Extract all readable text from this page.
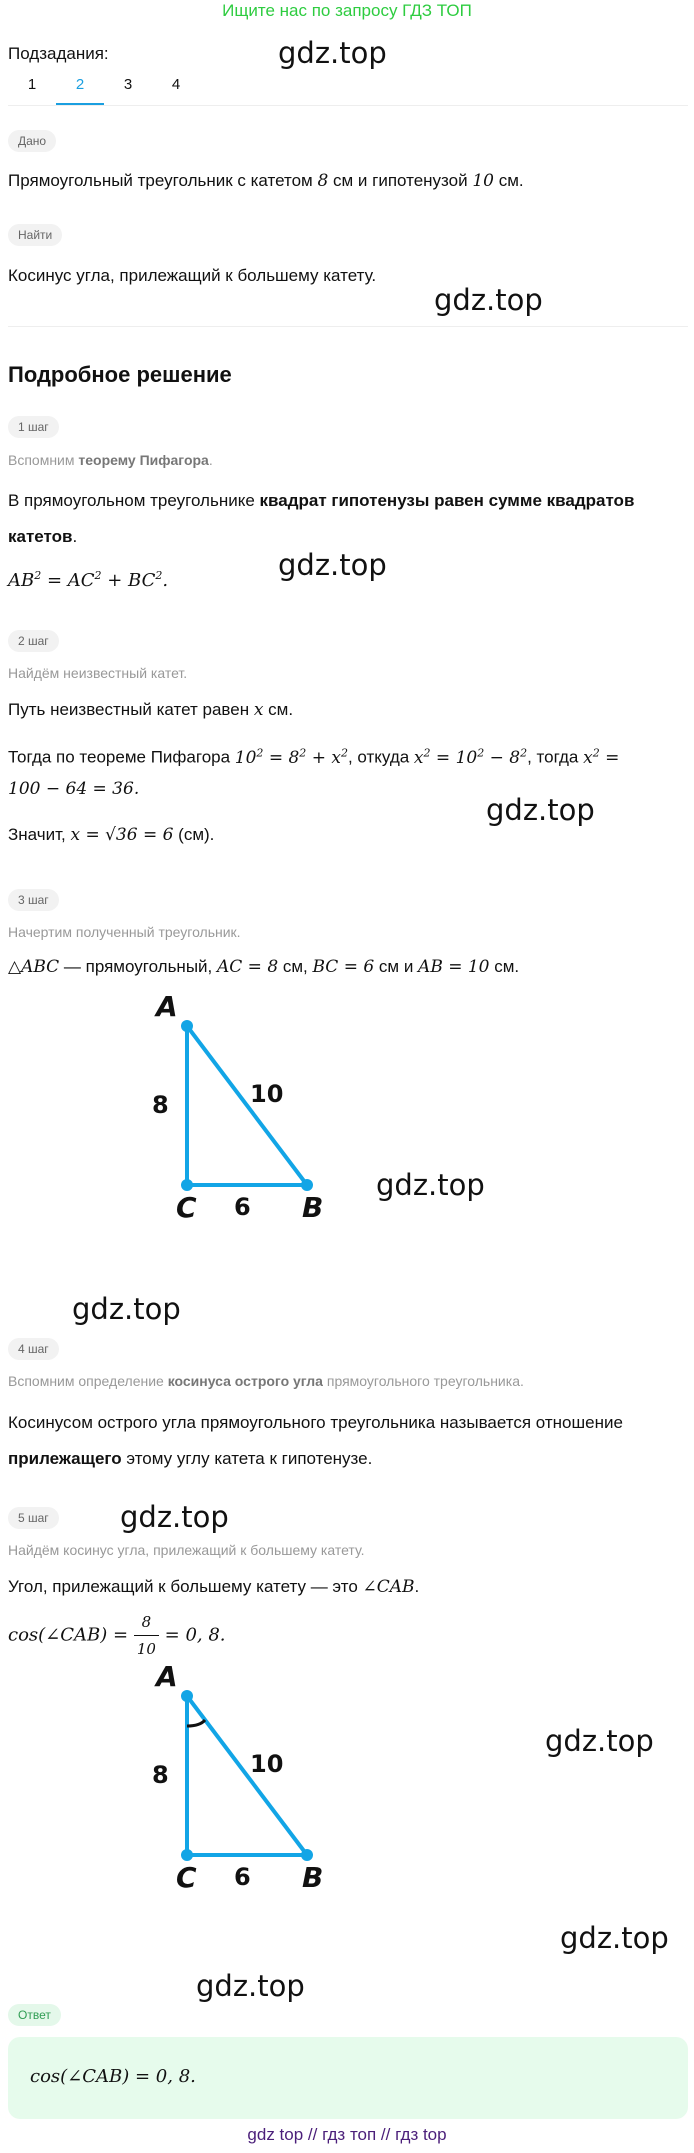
Ищите нас по запросу ГДЗ ТОП
Подзадания:
1	2	3	4
gdz.top
Дано
Прямоугольный треугольник с катетом 8 см и гипотенузой 10 см.
Найти
Косинус угла, прилежащий к большему катету.
gdz.top
Подробное решение
1 шаг
Вспомним теорему Пифагора.
В прямоугольном треугольнике квадрат гипотенузы равен сумме квадратов
катетов.
$AB^2 = AC^2 + BC^2$.	gdz.top
2 шаг
Найдём неизвестный катет.
Путь неизвестный катет равен x см.
Тогда по теореме Пифагора $10^2 = 8^2 + x^2$, откуда $x^2 = 10^2 - 8^2$, тогда $x^2$ =
100 − 64 = 36.
Значит, x = √36 = 6 (см).
gdz.top
3 шаг
Начертим полученный треугольник.
△ABC — прямоугольный, AC = 8 см, BC = 6 см и AB = 10 см.
A
C	B
8
6
10
gdz.top
gdz.top
4 шаг
Вспомним определение косинуса острого угла прямоугольного треугольника.
Косинусом острого угла прямоугольного треугольника называется отношение
прилежащего этому углу катета к гипотенузе.
5 шаг	gdz.top
Найдём косинус угла, прилежащий к большему катету.
Угол, прилежащий к большему катету — это ∠CAB.
cos(∠CAB) = $\frac{8}{10} = 0$, 8.
A
C	B
8
6
10
gdz.top
gdz.top
gdz.top
Ответ
cos(∠CAB) = 0, 8.
gdz top // гдз топ // гдз top
